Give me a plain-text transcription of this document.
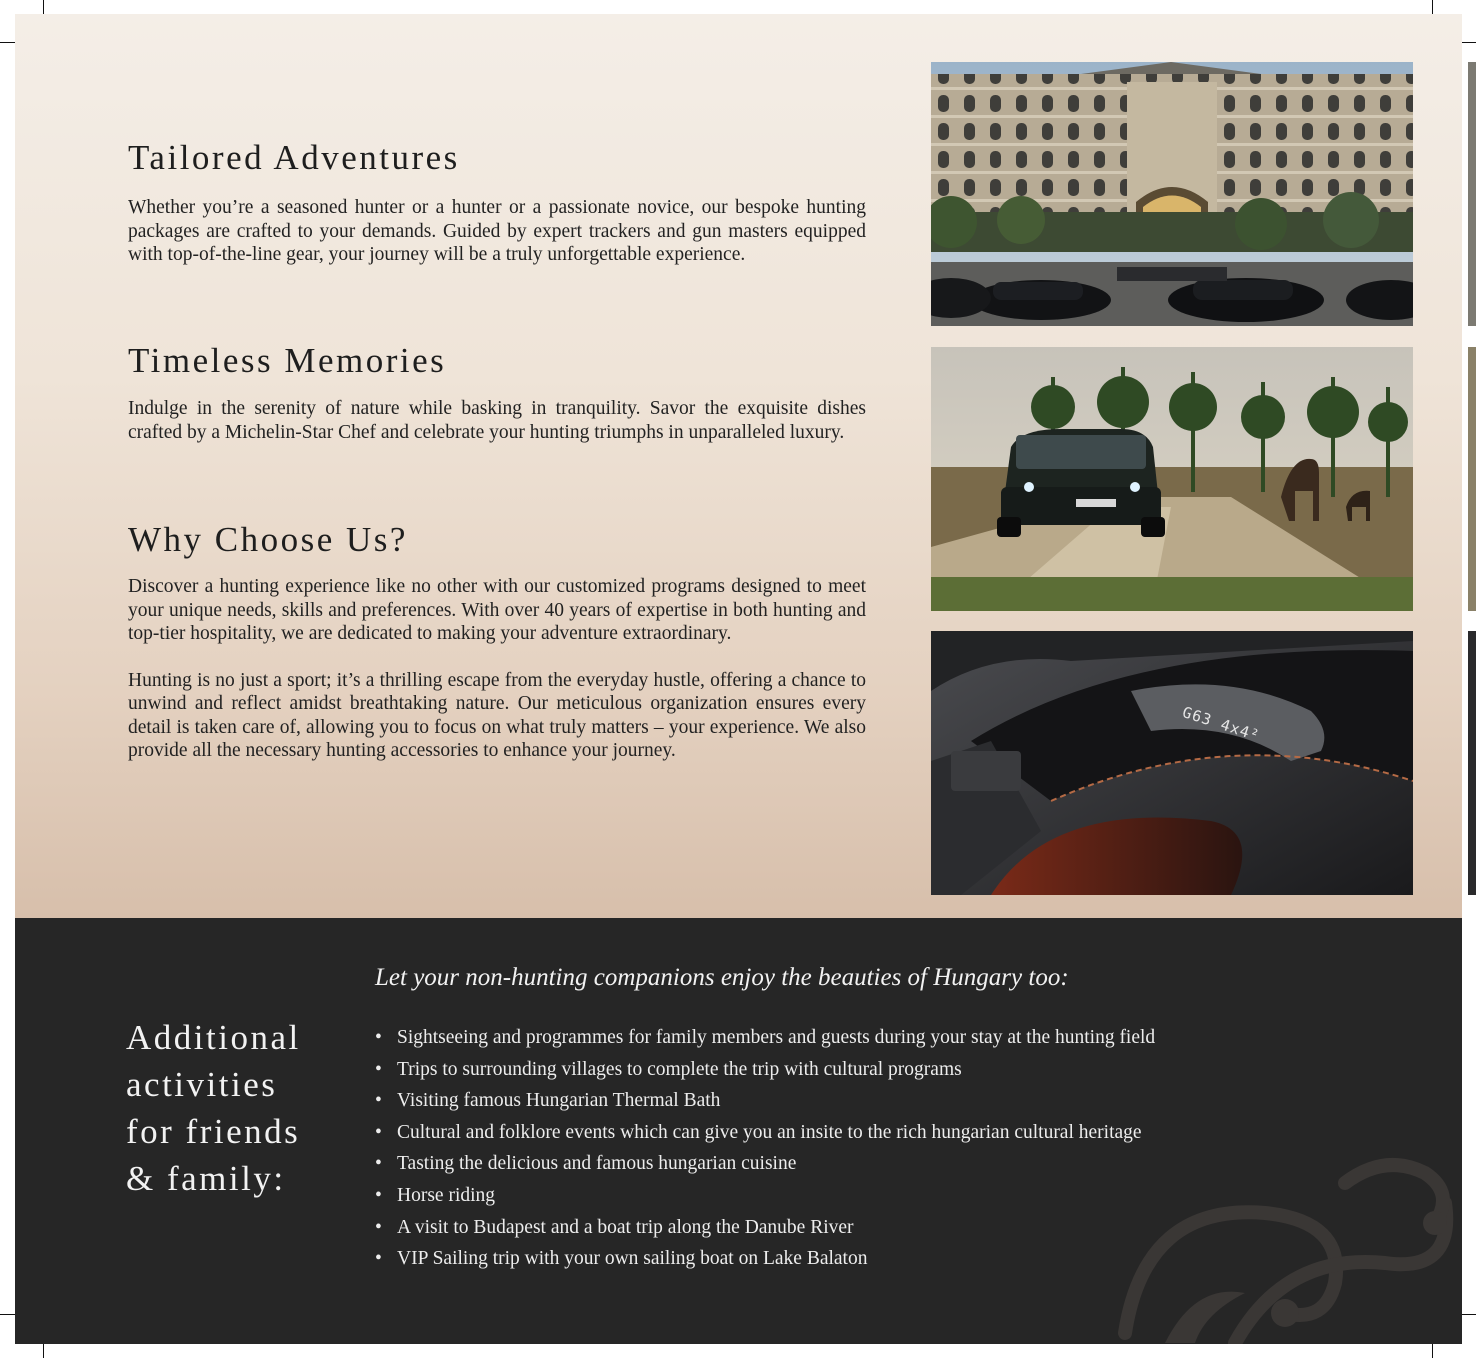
Tailored Adventures

Whether you’re a seasoned hunter or a hunter or a passionate novice, our bespoke hunting packages are crafted to your demands. Guided by expert trackers and gun masters equipped with top-of-the-line gear, your journey will be a truly unforgettable experience.

Timeless Memories

Indulge in the serenity of nature while basking in tranquility. Savor the exquisite dishes crafted by a Michelin-Star Chef and celebrate your hunting triumphs in unparalleled luxury.

Why Choose Us?

Discover a hunting experience like no other with our customized programs designed to meet your unique needs, skills and preferences. With over 40 years of expertise in both hunting and top-tier hospitality, we are dedicated to making your adventure extraordinary.

Hunting is no just a sport; it’s a thrilling escape from the everyday hustle, offering a chance to unwind and reflect amidst breathtaking nature. Our meticulous organization ensures every detail is taken care of, allowing you to focus on what truly matters – your experience. We also provide all the necessary hunting accessories to enhance your journey.

G63 4x4²
Additional
activities
for friends
& family:

Let your non-hunting companions enjoy the beauties of Hungary too:

• Sightseeing and programmes for family members and guests during your stay at the hunting field
• Trips to surrounding villages to complete the trip with cultural programs
• Visiting famous Hungarian Thermal Bath
• Cultural and folklore events which can give you an insite to the rich hungarian cultural heritage
• Tasting the delicious and famous hungarian cuisine
• Horse riding
• A visit to Budapest and a boat trip along the Danube River
• VIP Sailing trip with your own sailing boat on Lake Balaton
